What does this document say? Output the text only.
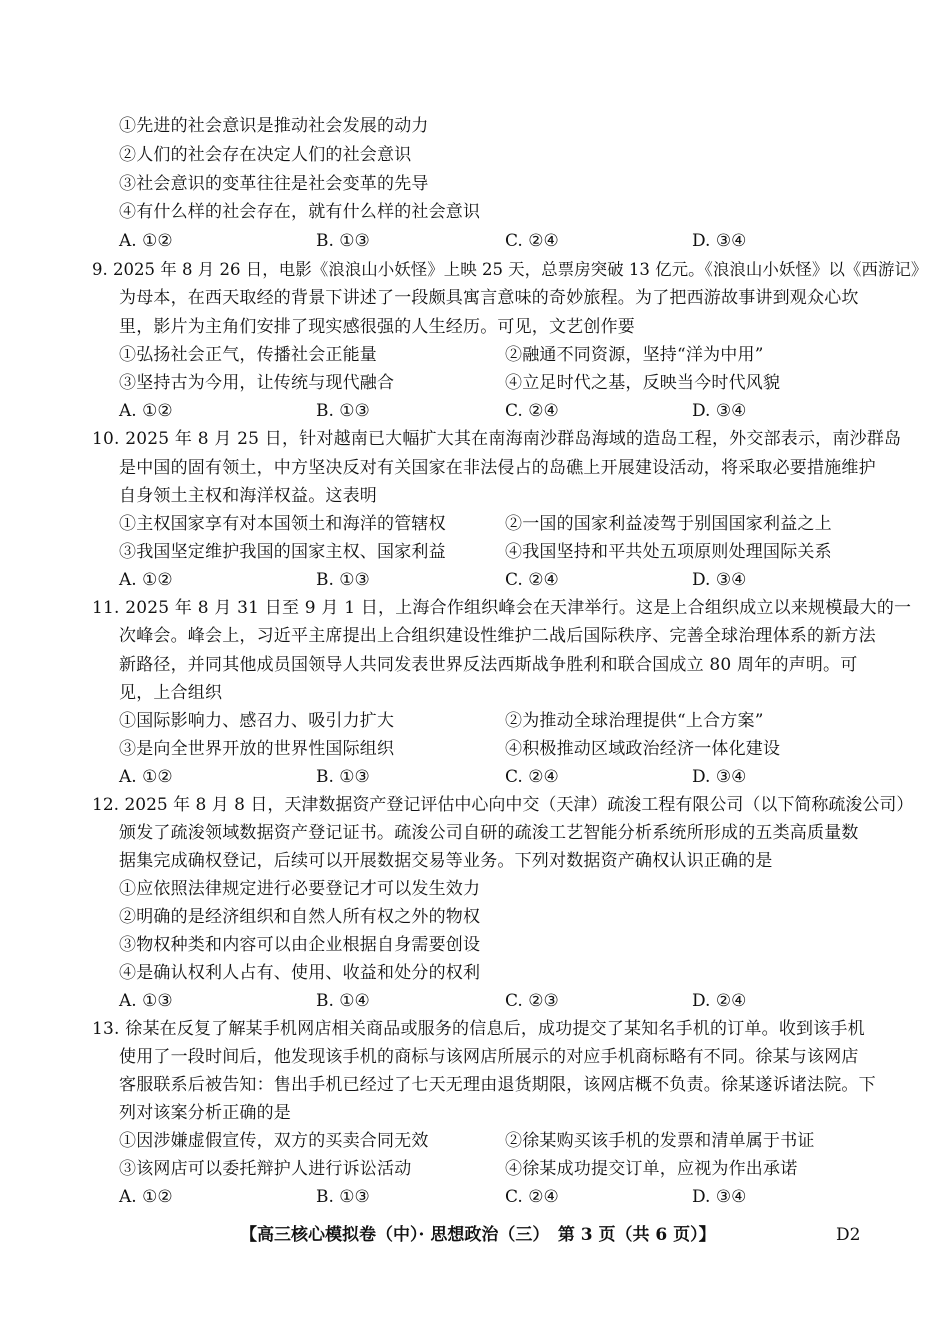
①先进的社会意识是推动社会发展的动力
②人们的社会存在决定人们的社会意识
③社会意识的变革往往是社会变革的先导
④有什么样的社会存在，就有什么样的社会意识
A. ①②	B. ①③	C. ②④	D. ③④
9. 2025 年 8 月 26 日，电影《浪浪山小妖怪》上映 25 天，总票房突破 13 亿元。《浪浪山小妖怪》以《西游记》
为母本，在西天取经的背景下讲述了一段颇具寓言意味的奇妙旅程。为了把西游故事讲到观众心坎
里，影片为主角们安排了现实感很强的人生经历。可见，文艺创作要
①弘扬社会正气，传播社会正能量	②融通不同资源，坚持“洋为中用”
③坚持古为今用，让传统与现代融合	④立足时代之基，反映当今时代风貌
A. ①②	B. ①③	C. ②④	D. ③④
10. 2025 年 8 月 25 日，针对越南已大幅扩大其在南海南沙群岛海域的造岛工程，外交部表示，南沙群岛
是中国的固有领土，中方坚决反对有关国家在非法侵占的岛礁上开展建设活动，将采取必要措施维护
自身领土主权和海洋权益。这表明
①主权国家享有对本国领土和海洋的管辖权	②一国的国家利益凌驾于别国国家利益之上
③我国坚定维护我国的国家主权、国家利益	④我国坚持和平共处五项原则处理国际关系
A. ①②	B. ①③	C. ②④	D. ③④
11. 2025 年 8 月 31 日至 9 月 1 日，上海合作组织峰会在天津举行。这是上合组织成立以来规模最大的一
次峰会。峰会上，习近平主席提出上合组织建设性维护二战后国际秩序、完善全球治理体系的新方法
新路径，并同其他成员国领导人共同发表世界反法西斯战争胜利和联合国成立 80 周年的声明。可
见，上合组织
①国际影响力、感召力、吸引力扩大	②为推动全球治理提供“上合方案”
③是向全世界开放的世界性国际组织	④积极推动区域政治经济一体化建设
A. ①②	B. ①③	C. ②④	D. ③④
12. 2025 年 8 月 8 日，天津数据资产登记评估中心向中交（天津）疏浚工程有限公司（以下简称疏浚公司）
颁发了疏浚领域数据资产登记证书。疏浚公司自研的疏浚工艺智能分析系统所形成的五类高质量数
据集完成确权登记，后续可以开展数据交易等业务。下列对数据资产确权认识正确的是
①应依照法律规定进行必要登记才可以发生效力
②明确的是经济组织和自然人所有权之外的物权
③物权种类和内容可以由企业根据自身需要创设
④是确认权利人占有、使用、收益和处分的权利
A. ①③	B. ①④	C. ②③	D. ②④
13. 徐某在反复了解某手机网店相关商品或服务的信息后，成功提交了某知名手机的订单。收到该手机
使用了一段时间后，他发现该手机的商标与该网店所展示的对应手机商标略有不同。徐某与该网店
客服联系后被告知：售出手机已经过了七天无理由退货期限，该网店概不负责。徐某遂诉诸法院。下
列对该案分析正确的是
①因涉嫌虚假宣传，双方的买卖合同无效	②徐某购买该手机的发票和清单属于书证
③该网店可以委托辩护人进行诉讼活动	④徐某成功提交订单，应视为作出承诺
A. ①②	B. ①③	C. ②④	D. ③④
【高三核心模拟卷（中）· 思想政治（三）　第 3 页（共 6 页）】	D2
